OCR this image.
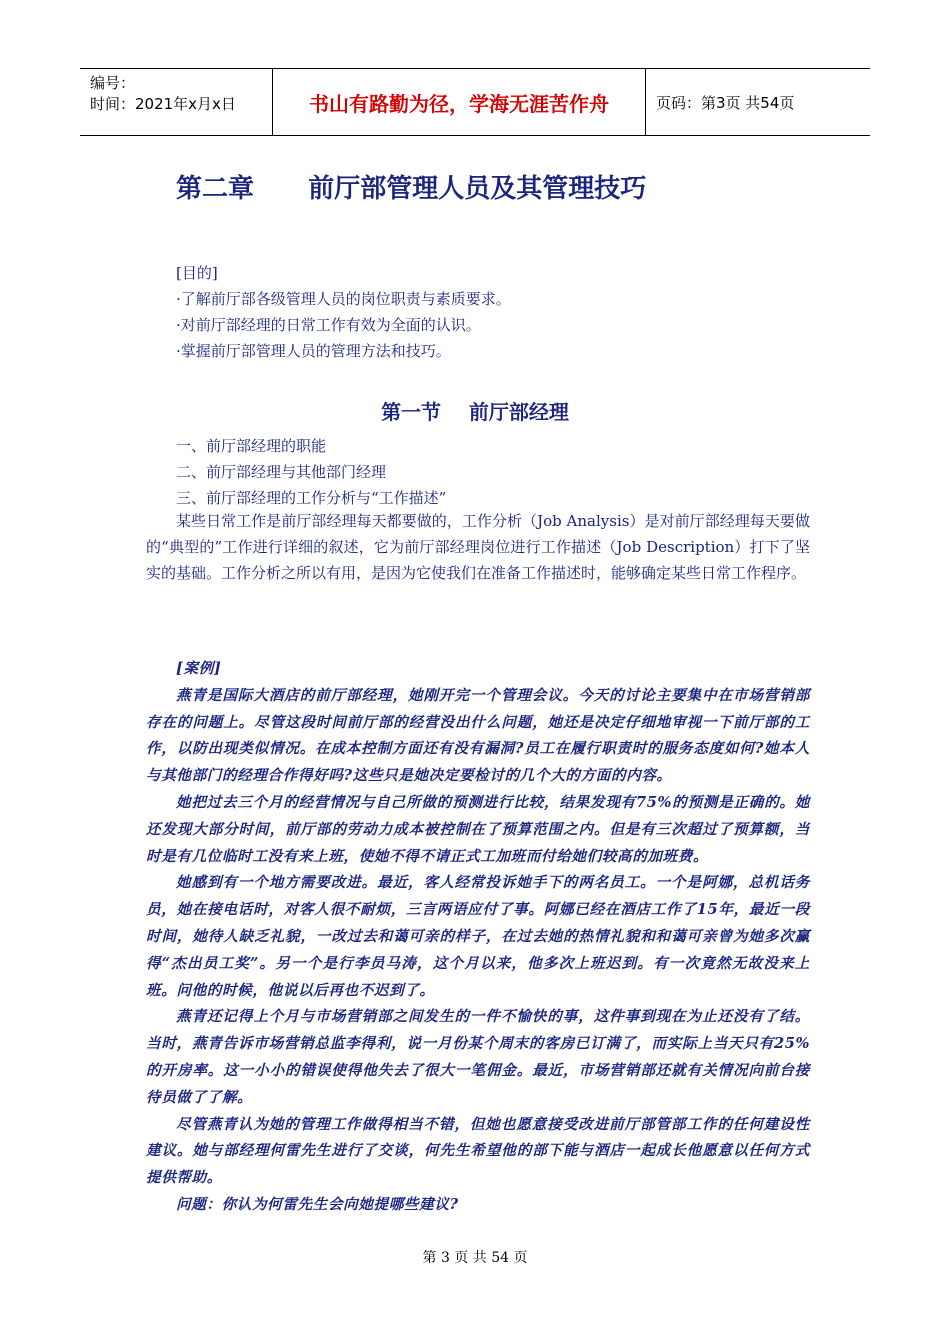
编号：
时间：2021年x月x日	书山有路勤为径，学海无涯苦作舟	页码：第3页 共54页
第二章      前厅部管理人员及其管理技巧
[目的]
·了解前厅部各级管理人员的岗位职责与素质要求。
·对前厅部经理的日常工作有效为全面的认识。
·掌握前厅部管理人员的管理方法和技巧。
第一节    前厅部经理
一、前厅部经理的职能
二、前厅部经理与其他部门经理
三、前厅部经理的工作分析与“工作描述”
某些日常工作是前厅部经理每天都要做的，工作分析（Job Analysis）是对前厅部经理每天要做的“典型的”工作进行详细的叙述，它为前厅部经理岗位进行工作描述（Job Description）打下了坚实的基础。工作分析之所以有用，是因为它使我们在准备工作描述时，能够确定某些日常工作程序。
[案例]

燕青是国际大酒店的前厅部经理，她刚开完一个管理会议。今天的讨论主要集中在市场营销部存在的问题上。尽管这段时间前厅部的经营没出什么问题，她还是决定仔细地审视一下前厅部的工作，以防出现类似情况。在成本控制方面还有没有漏洞?员工在履行职责时的服务态度如何?她本人与其他部门的经理合作得好吗?这些只是她决定要检讨的几个大的方面的内容。

她把过去三个月的经营情况与自己所做的预测进行比较，结果发现有75%的预测是正确的。她还发现大部分时间，前厅部的劳动力成本被控制在了预算范围之内。但是有三次超过了预算额，当时是有几位临时工没有来上班，使她不得不请正式工加班而付给她们较高的加班费。

她感到有一个地方需要改进。最近，客人经常投诉她手下的两名员工。一个是阿娜，总机话务员，她在接电话时，对客人很不耐烦，三言两语应付了事。阿娜已经在酒店工作了15年，最近一段时间，她待人缺乏礼貌，一改过去和蔼可亲的样子，在过去她的热情礼貌和和蔼可亲曾为她多次赢得“杰出员工奖”。另一个是行李员马涛，这个月以来，他多次上班迟到。有一次竟然无故没来上班。问他的时候，他说以后再也不迟到了。

燕青还记得上个月与市场营销部之间发生的一件不愉快的事，这件事到现在为止还没有了结。当时，燕青告诉市场营销总监李得利，说一月份某个周末的客房已订满了，而实际上当天只有25%的开房率。这一小小的错误使得他失去了很大一笔佣金。最近，市场营销部还就有关情况向前台接待员做了了解。

尽管燕青认为她的管理工作做得相当不错，但她也愿意接受改进前厅部管部工作的任何建设性建议。她与部经理何雷先生进行了交谈，何先生希望他的部下能与酒店一起成长他愿意以任何方式提供帮助。

问题：你认为何雷先生会向她提哪些建议?

第 3 页 共 54 页
